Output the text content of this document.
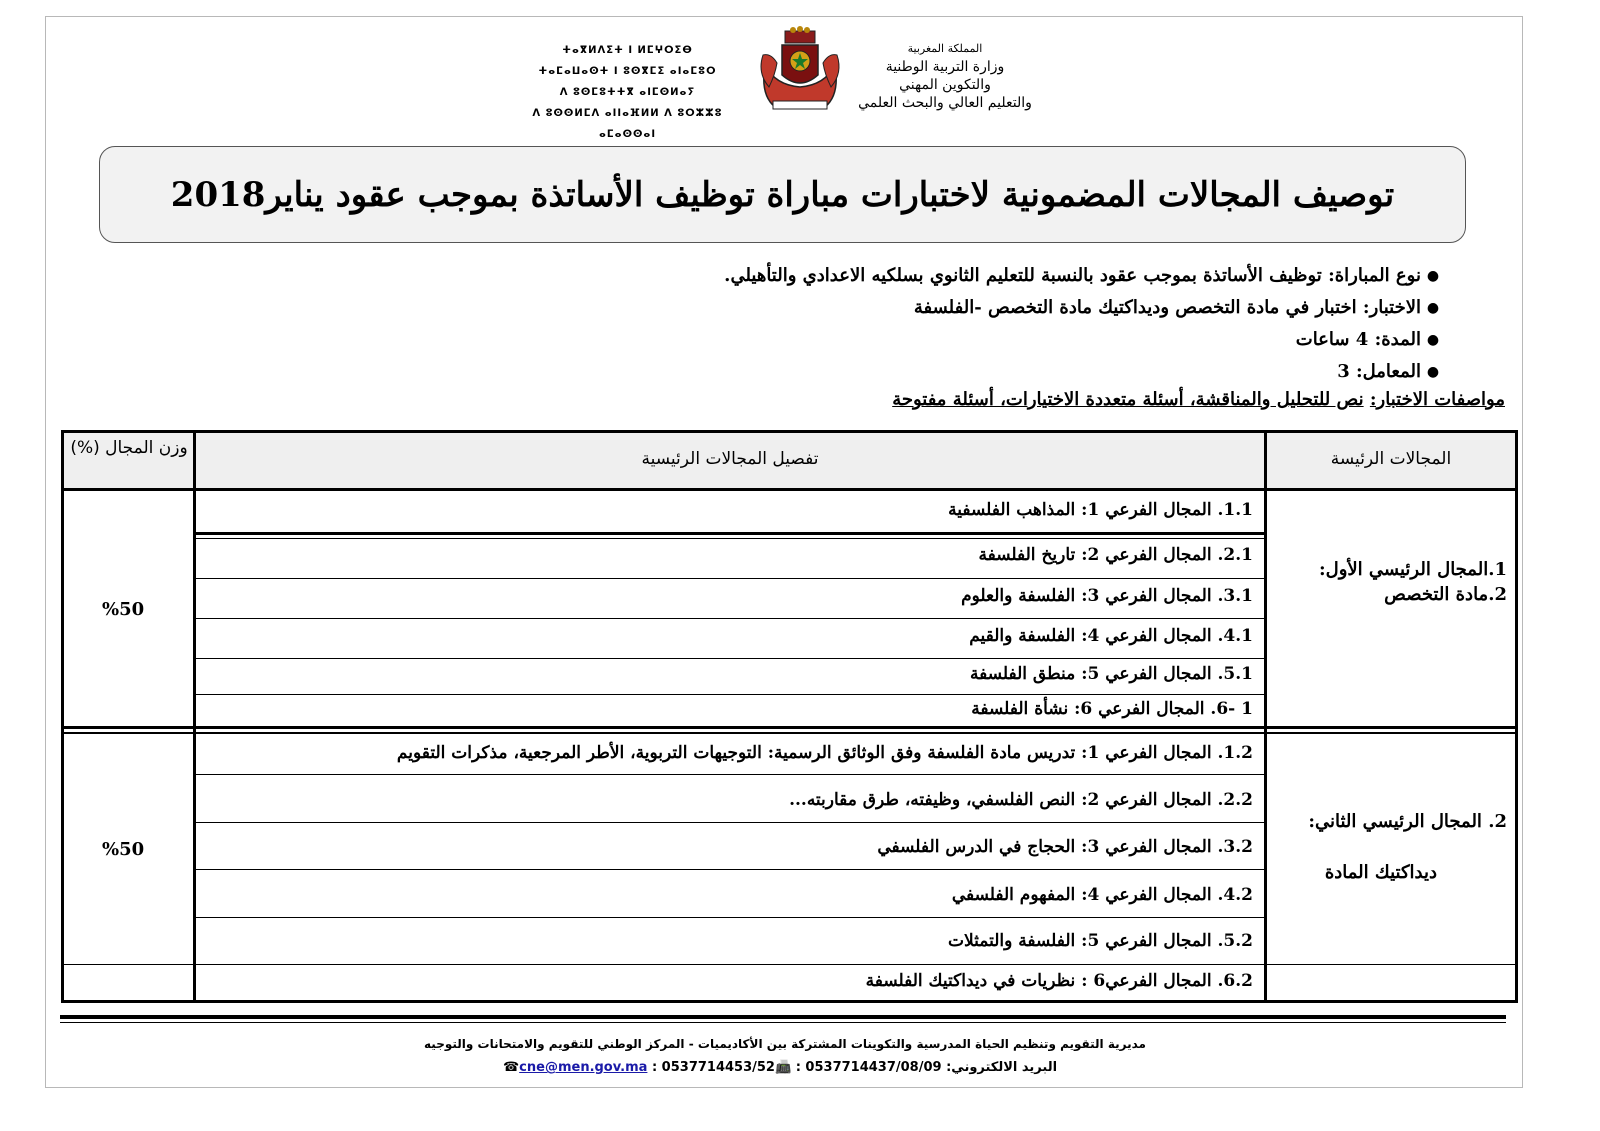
المملكة المغربية
وزارة التربية الوطنية
والتكوين المهني
والتعليم العالي والبحث العلمي
ⵜⴰⴳⵍⴷⵉⵜ ⵏ ⵍⵎⵖⵔⵉⴱ
ⵜⴰⵎⴰⵡⴰⵙⵜ ⵏ ⵓⵙⴳⵎⵉ ⴰⵏⴰⵎⵓⵔ
ⴷ ⵓⵙⵎⵓⵜⵜⴳ ⴰⵏⵎⵙⵍⴰⵢ
ⴷ ⵓⵙⵙⵍⵎⴷ ⴰⵏⵏⴰⴼⵍⵍ ⴷ ⵓⵔⵣⵣⵓ ⴰⵎⴰⵙⵙⴰⵏ
توصيف المجالات المضمونية لاختبارات مباراة توظيف الأساتذة بموجب عقود يناير2018
●
نوع المباراة:

توظيف الأساتذة بموجب عقود بالنسبة للتعليم الثانوي بسلكيه الاعدادي والتأهيلي.
●
الاختبار:

اختبار في مادة التخصص وديداكتيك مادة التخصص -الفلسفة
●
المدة:

4 ساعات
●
المعامل:

3
مواصفات الاختبار: نص للتحليل والمناقشة، أسئلة متعددة الاختيارات، أسئلة مفتوحة
المجالات الرئيسة
تفصيل المجالات الرئيسية
وزن المجال (%)
1.المجال الرئيسي الأول:
2.مادة التخصص
%50
1.1. المجال الفرعي 1: المذاهب الفلسفية
2.1. المجال الفرعي 2: تاريخ الفلسفة
3.1. المجال الفرعي 3: الفلسفة والعلوم
4.1. المجال الفرعي 4: الفلسفة والقيم
5.1. المجال الفرعي 5: منطق الفلسفة
1 -6. المجال الفرعي 6: نشأة الفلسفة
2. المجال الرئيسي الثاني:
ديداكتيك المادة
%50
1.2. المجال الفرعي 1: تدريس مادة الفلسفة وفق الوثائق الرسمية: التوجيهات التربوية، الأطر المرجعية، مذكرات التقويم
2.2. المجال الفرعي 2: النص الفلسفي، وظيفته، طرق مقاربته...
3.2. المجال الفرعي 3: الحجاج في الدرس الفلسفي
4.2. المجال الفرعي 4: المفهوم الفلسفي
5.2. المجال الفرعي 5: الفلسفة والتمثلات
6.2. المجال الفرعي6 : نظريات في ديداكتيك الفلسفة
مديرية التقويم وتنظيم الحياة المدرسية والتكوينات المشتركة بين الأكاديميات - المركز الوطني للتقويم والامتحانات والتوجيه
البريد الالكتروني: cne@men.gov.ma : 0537714453/52📠 : 0537714437/08/09☎
